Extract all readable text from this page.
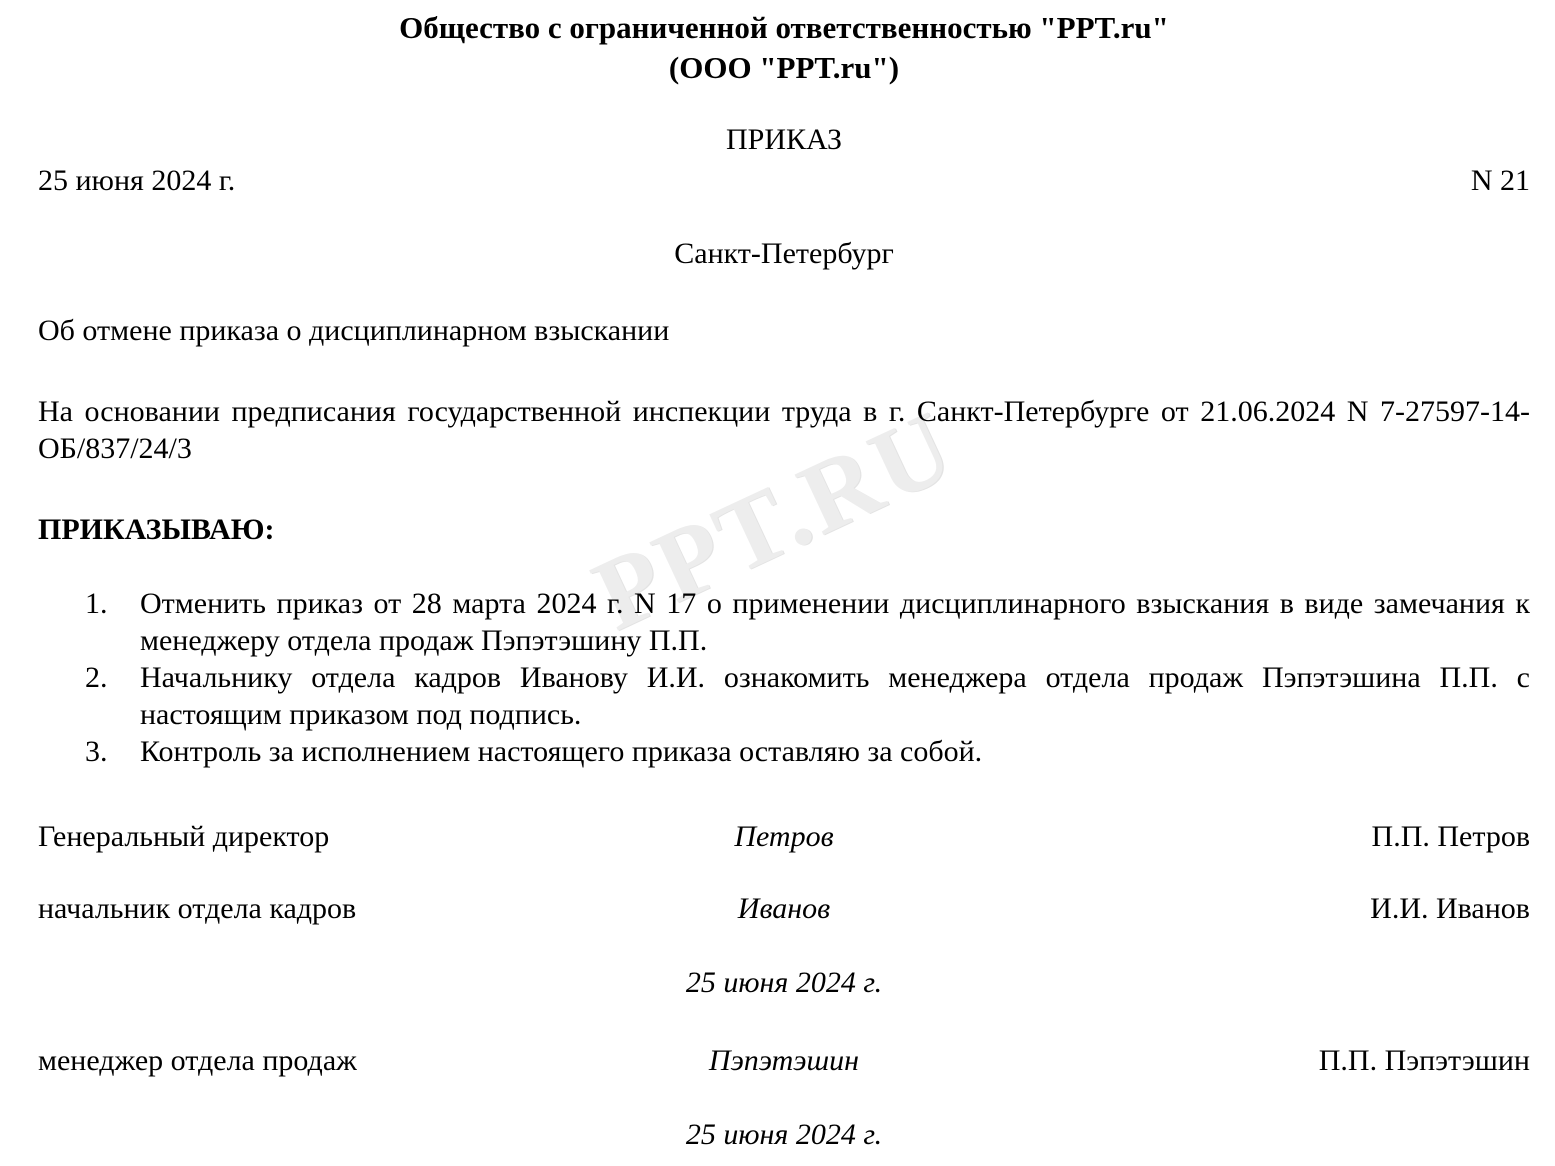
PPT.RU
Общество с ограниченной ответственностью "PPT.ru"
(ООО "PPT.ru")
ПРИКАЗ
25 июня 2024 г.	N 21
Санкт-Петербург

Об отмене приказа о дисциплинарном взыскании

На основании предписания государственной инспекции труда в г. Санкт-Петербурге от 21.06.2024 N 7-27597-14-ОБ/837/24/3

ПРИКАЗЫВАЮ:

Отменить приказ от 28 марта 2024 г. N 17 о применении дисциплинарного взыскания в виде замечания к менеджеру отдела продаж Пэпэтэшину П.П.
Начальнику отдела кадров Иванову И.И. ознакомить менеджера отдела продаж Пэпэтэшина П.П. с настоящим приказом под подпись.
Контроль за исполнением настоящего приказа оставляю за собой.
Генеральный директор	Петров	П.П. Петров
начальник отдела кадров	Иванов	И.И. Иванов
25 июня 2024 г.
менеджер отдела продаж	Пэпэтэшин	П.П. Пэпэтэшин
25 июня 2024 г.
